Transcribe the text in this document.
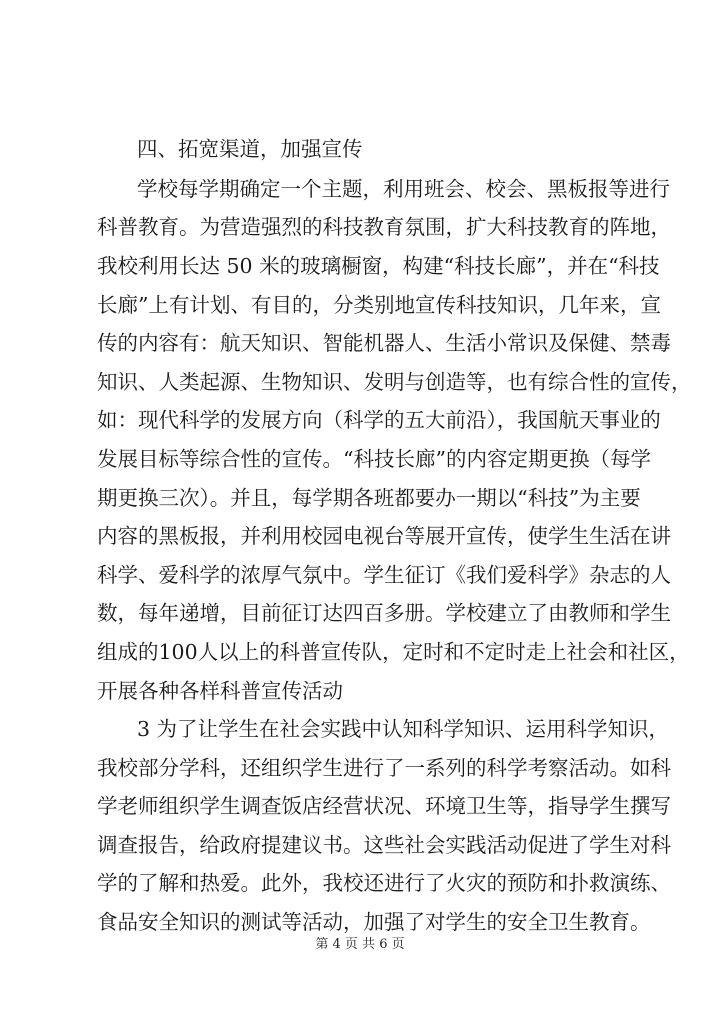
四、拓宽渠道，加强宣传
学校每学期确定一个主题，利用班会、校会、黑板报等进行
科普教育。为营造强烈的科技教育氛围，扩大科技教育的阵地，
我校利用长达 50 米的玻璃橱窗，构建“科技长廊”，并在“科技
长廊”上有计划、有目的，分类别地宣传科技知识，几年来，宣
传的内容有：航天知识、智能机器人、生活小常识及保健、禁毒
知识、人类起源、生物知识、发明与创造等，也有综合性的宣传，
如：现代科学的发展方向（科学的五大前沿），我国航天事业的
发展目标等综合性的宣传。“科技长廊”的内容定期更换（每学
期更换三次）。并且，每学期各班都要办一期以“科技”为主要
内容的黑板报，并利用校园电视台等展开宣传，使学生生活在讲
科学、爱科学的浓厚气氛中。学生征订《我们爱科学》杂志的人
数，每年递增，目前征订达四百多册。学校建立了由教师和学生
组成的100人以上的科普宣传队，定时和不定时走上社会和社区，
开展各种各样科普宣传活动
3 为了让学生在社会实践中认知科学知识、运用科学知识，
我校部分学科，还组织学生进行了一系列的科学考察活动。如科
学老师组织学生调查饭店经营状况、环境卫生等，指导学生撰写
调查报告，给政府提建议书。这些社会实践活动促进了学生对科
学的了解和热爱。此外，我校还进行了火灾的预防和扑救演练、
食品安全知识的测试等活动，加强了对学生的安全卫生教育。
第 4 页 共 6 页
